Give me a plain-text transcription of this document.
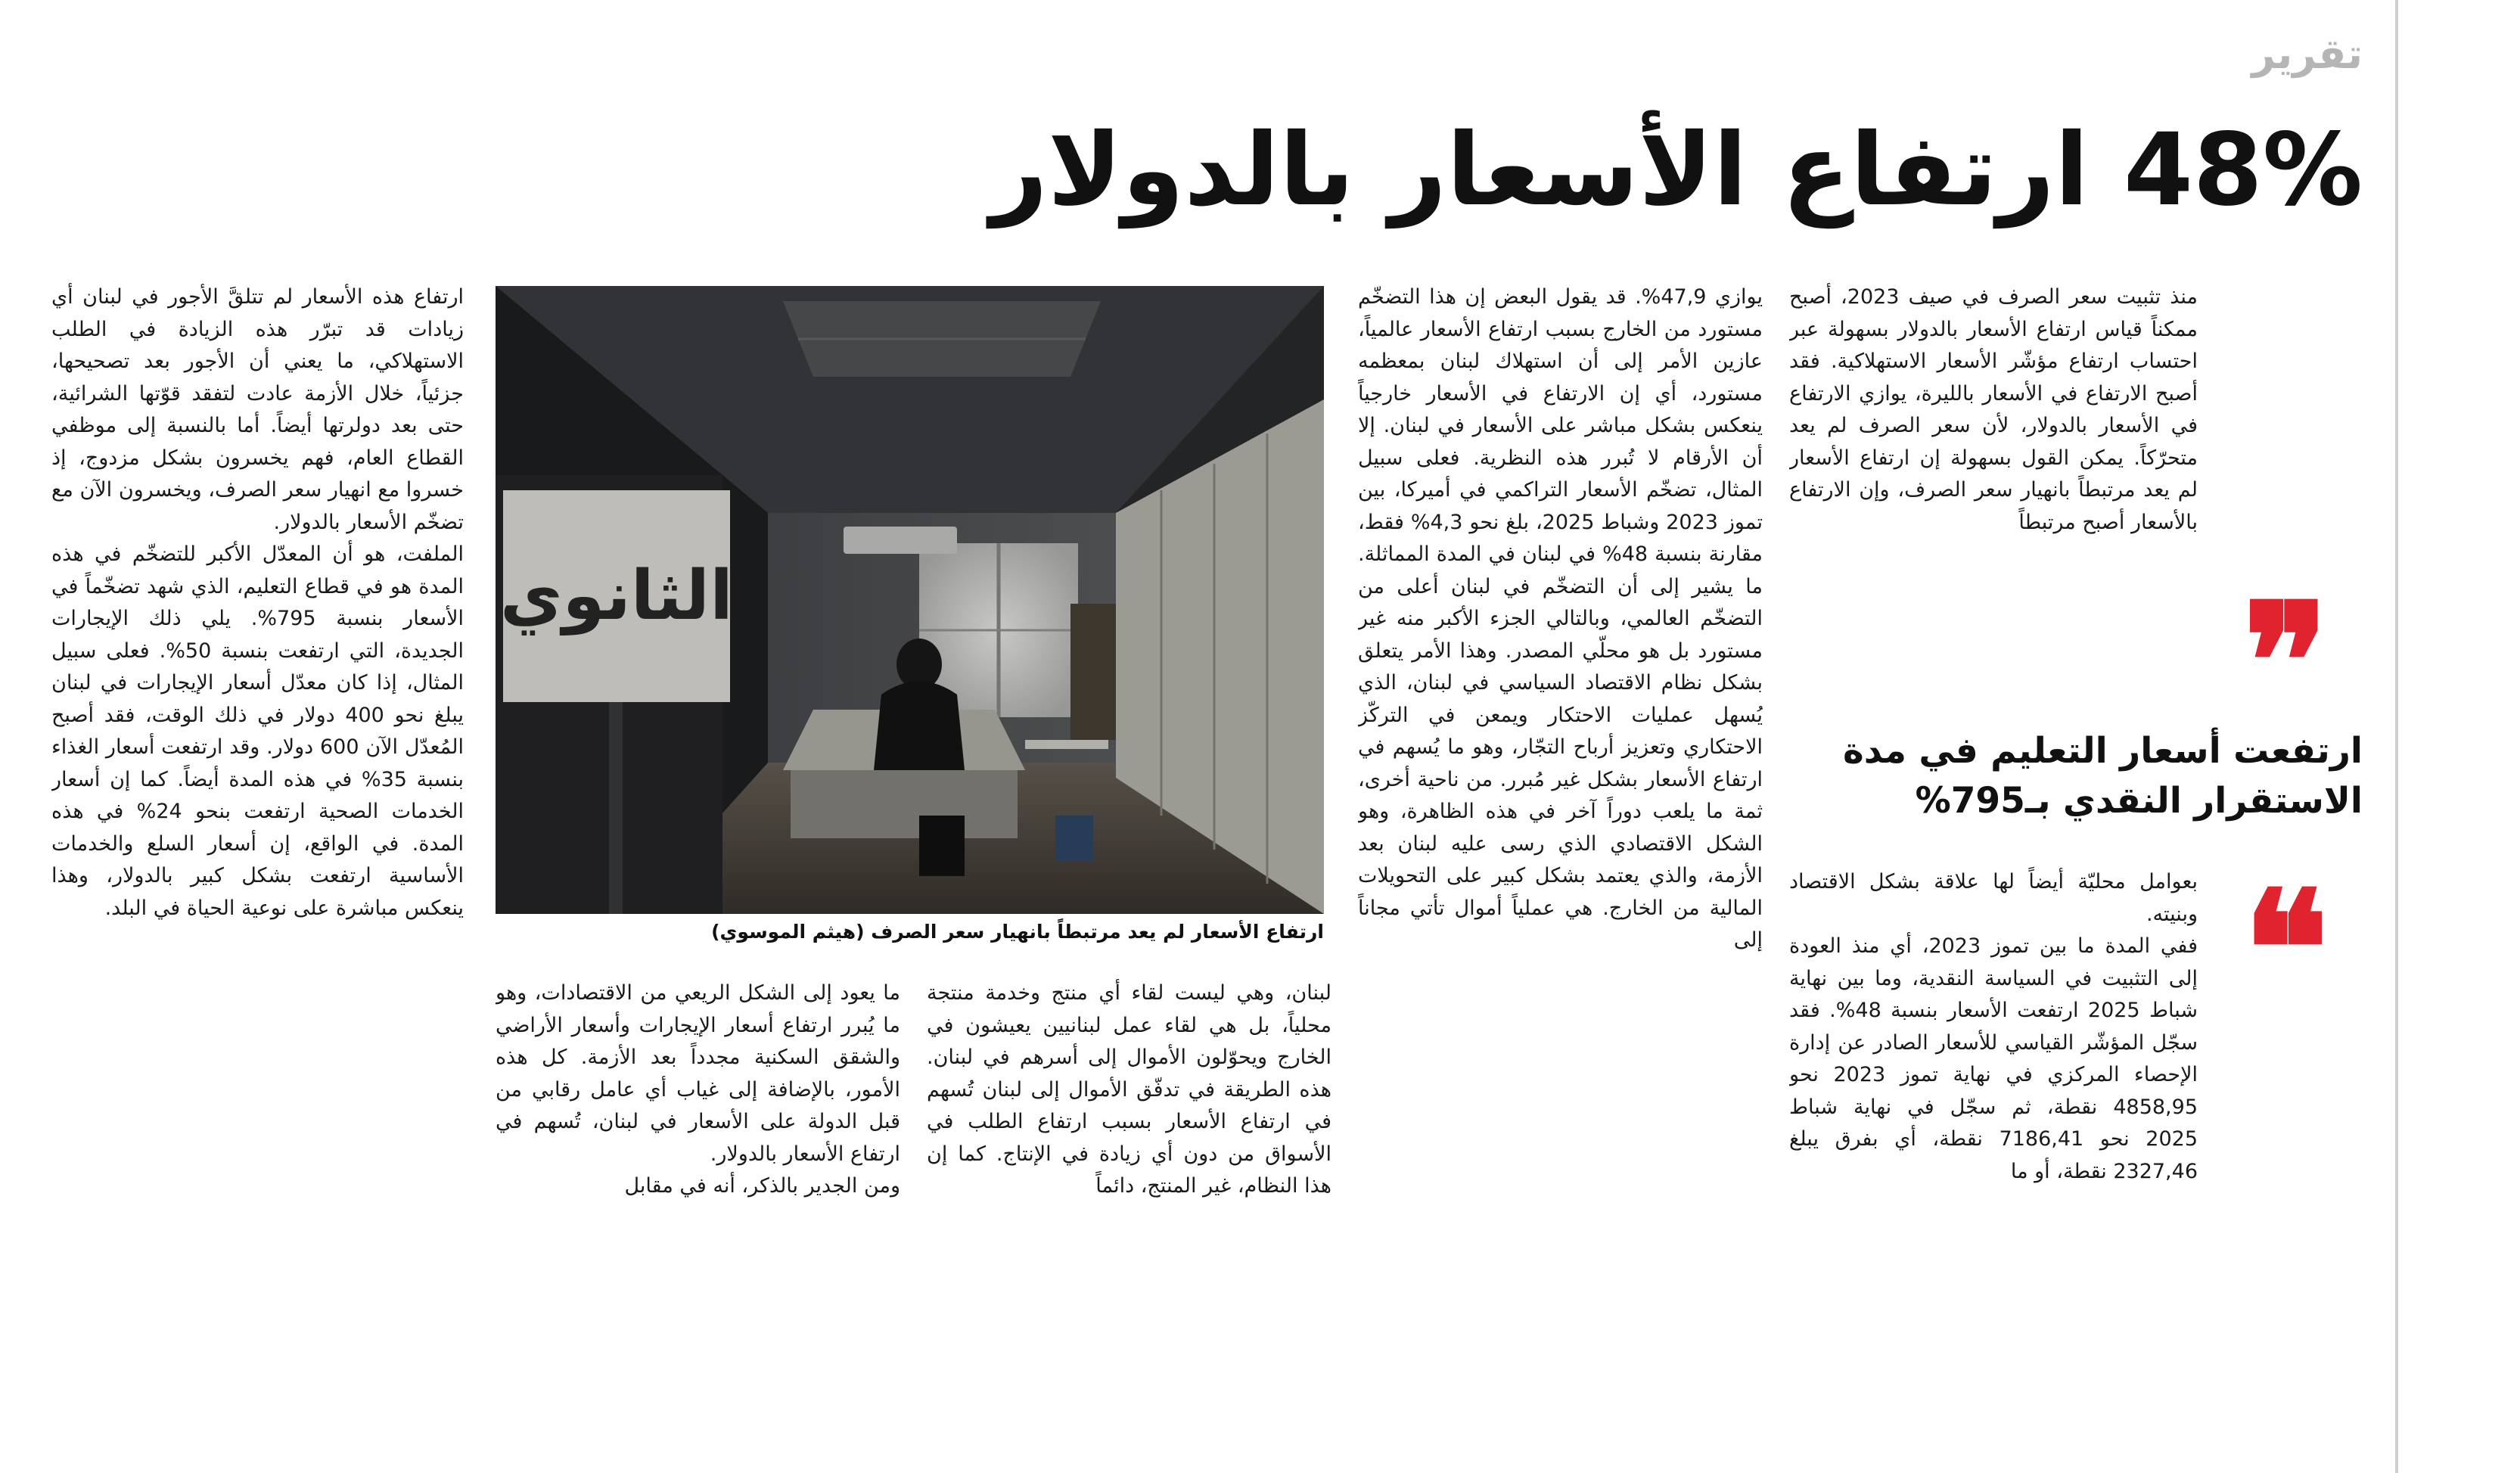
تقرير
48% ارتفاع الأسعار بالدولار

منذ تثبيت سعر الصرف في صيف 2023، أصبح ممكناً قياس ارتفاع الأسعار بالدولار بسهولة عبر احتساب ارتفاع مؤشّر الأسعار الاستهلاكية. فقد أصبح الارتفاع في الأسعار بالليرة، يوازي الارتفاع في الأسعار بالدولار، لأن سعر الصرف لم يعد متحرّكاً. يمكن القول بسهولة إن ارتفاع الأسعار لم يعد مرتبطاً بانهيار سعر الصرف، وإن الارتفاع بالأسعار أصبح مرتبطاً

❞
ارتفعت أسعار التعليم في مدة
الاستقرار النقدي بـ795%
❝

بعوامل محليّة أيضاً لها علاقة بشكل الاقتصاد وبنيته.

ففي المدة ما بين تموز 2023، أي منذ العودة إلى التثبيت في السياسة النقدية، وما بين نهاية شباط 2025 ارتفعت الأسعار بنسبة 48%. فقد سجّل المؤشّر القياسي للأسعار الصادر عن إدارة الإحصاء المركزي في نهاية تموز 2023 نحو 4858,95 نقطة، ثم سجّل في نهاية شباط 2025 نحو 7186,41 نقطة، أي بفرق يبلغ 2327,46 نقطة، أو ما

يوازي 47,9%. قد يقول البعض إن هذا التضخّم مستورد من الخارج بسبب ارتفاع الأسعار عالمياً، عازين الأمر إلى أن استهلاك لبنان بمعظمه مستورد، أي إن الارتفاع في الأسعار خارجياً ينعكس بشكل مباشر على الأسعار في لبنان. إلا أن الأرقام لا تُبرر هذه النظرية. فعلى سبيل المثال، تضخّم الأسعار التراكمي في أميركا، بين تموز 2023 وشباط 2025، بلغ نحو 4,3% فقط، مقارنة بنسبة 48% في لبنان في المدة المماثلة. ما يشير إلى أن التضخّم في لبنان أعلى من التضخّم العالمي، وبالتالي الجزء الأكبر منه غير مستورد بل هو محلّي المصدر. وهذا الأمر يتعلق بشكل نظام الاقتصاد السياسي في لبنان، الذي يُسهل عمليات الاحتكار ويمعن في التركّز الاحتكاري وتعزيز أرباح التجّار، وهو ما يُسهم في ارتفاع الأسعار بشكل غير مُبرر. من ناحية أخرى، ثمة ما يلعب دوراً آخر في هذه الظاهرة، وهو الشكل الاقتصادي الذي رسى عليه لبنان بعد الأزمة، والذي يعتمد بشكل كبير على التحويلات المالية من الخارج. هي عملياً أموال تأتي مجاناً إلى

الثانوي
ارتفاع الأسعار لم يعد مرتبطاً بانهيار سعر الصرف (هيثم الموسوي)

لبنان، وهي ليست لقاء أي منتج وخدمة منتجة محلياً، بل هي لقاء عمل لبنانيين يعيشون في الخارج ويحوّلون الأموال إلى أسرهم في لبنان. هذه الطريقة في تدفّق الأموال إلى لبنان تُسهم في ارتفاع الأسعار بسبب ارتفاع الطلب في الأسواق من دون أي زيادة في الإنتاج. كما إن هذا النظام، غير المنتج، دائماً

ما يعود إلى الشكل الريعي من الاقتصادات، وهو ما يُبرر ارتفاع أسعار الإيجارات وأسعار الأراضي والشقق السكنية مجدداً بعد الأزمة. كل هذه الأمور، بالإضافة إلى غياب أي عامل رقابي من قبل الدولة على الأسعار في لبنان، تُسهم في ارتفاع الأسعار بالدولار.

ومن الجدير بالذكر، أنه في مقابل

ارتفاع هذه الأسعار لم تتلقَّ الأجور في لبنان أي زيادات قد تبرّر هذه الزيادة في الطلب الاستهلاكي، ما يعني أن الأجور بعد تصحيحها، جزئياً، خلال الأزمة عادت لتفقد قوّتها الشرائية، حتى بعد دولرتها أيضاً. أما بالنسبة إلى موظفي القطاع العام، فهم يخسرون بشكل مزدوج، إذ خسروا مع انهيار سعر الصرف، ويخسرون الآن مع تضخّم الأسعار بالدولار.

الملفت، هو أن المعدّل الأكبر للتضخّم في هذه المدة هو في قطاع التعليم، الذي شهد تضخّماً في الأسعار بنسبة 795%. يلي ذلك الإيجارات الجديدة، التي ارتفعت بنسبة 50%. فعلى سبيل المثال، إذا كان معدّل أسعار الإيجارات في لبنان يبلغ نحو 400 دولار في ذلك الوقت، فقد أصبح المُعدّل الآن 600 دولار. وقد ارتفعت أسعار الغذاء بنسبة 35% في هذه المدة أيضاً. كما إن أسعار الخدمات الصحية ارتفعت بنحو 24% في هذه المدة. في الواقع، إن أسعار السلع والخدمات الأساسية ارتفعت بشكل كبير بالدولار، وهذا ينعكس مباشرة على نوعية الحياة في البلد.
